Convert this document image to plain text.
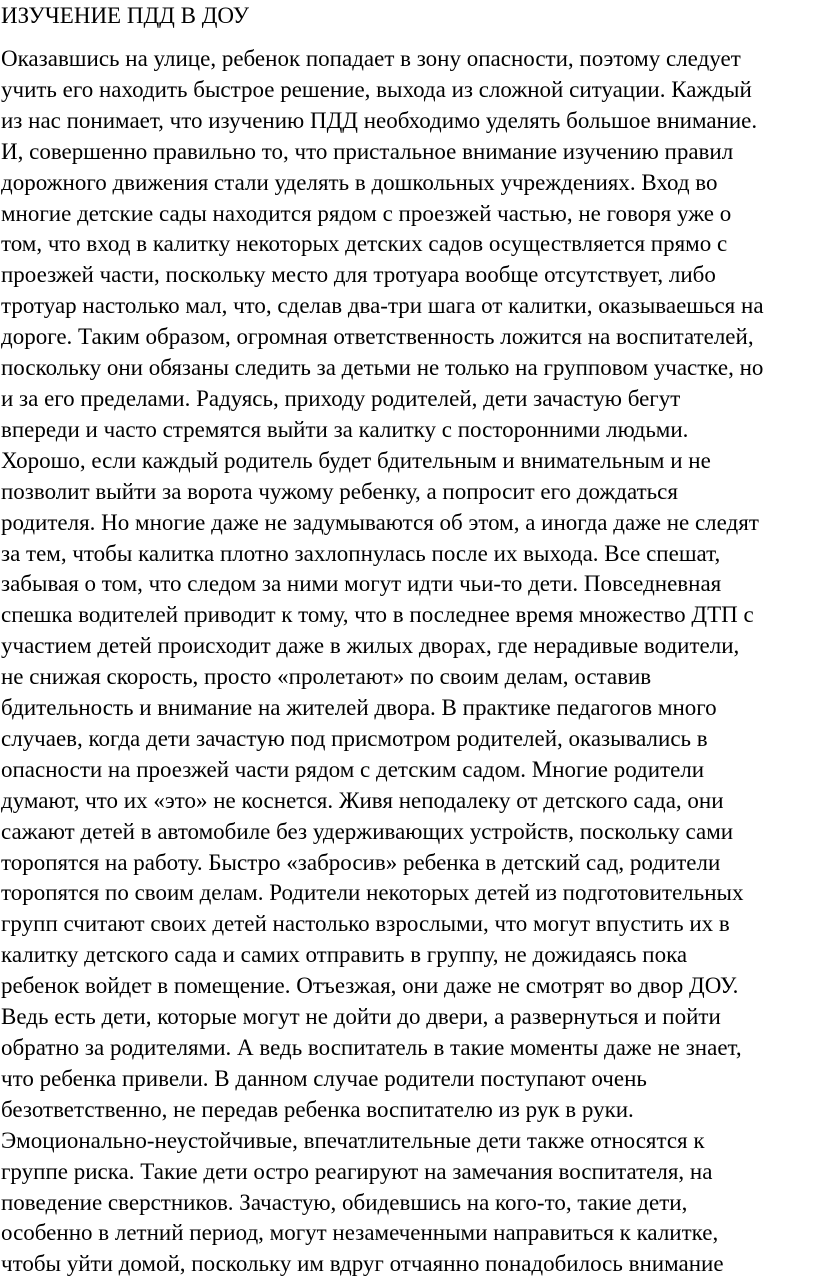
ИЗУЧЕНИЕ ПДД В ДОУ
Оказавшись на улице, ребенок попадает в зону опасности, поэтому следует
учить его находить быстрое решение, выхода из сложной ситуации. Каждый
из нас понимает, что изучению ПДД необходимо уделять большое внимание.
И, совершенно правильно то, что пристальное внимание изучению правил
дорожного движения стали уделять в дошкольных учреждениях. Вход во
многие детские сады находится рядом с проезжей частью, не говоря уже о
том, что вход в калитку некоторых детских садов осуществляется прямо с
проезжей части, поскольку место для тротуара вообще отсутствует, либо
тротуар настолько мал, что, сделав два-три шага от калитки, оказываешься на
дороге. Таким образом, огромная ответственность ложится на воспитателей,
поскольку они обязаны следить за детьми не только на групповом участке, но
и за его пределами. Радуясь, приходу родителей, дети зачастую бегут
впереди и часто стремятся выйти за калитку с посторонними людьми.
Хорошо, если каждый родитель будет бдительным и внимательным и не
позволит выйти за ворота чужому ребенку, а попросит его дождаться
родителя. Но многие даже не задумываются об этом, а иногда даже не следят
за тем, чтобы калитка плотно захлопнулась после их выхода. Все спешат,
забывая о том, что следом за ними могут идти чьи-то дети. Повседневная
спешка водителей приводит к тому, что в последнее время множество ДТП с
участием детей происходит даже в жилых дворах, где нерадивые водители,
не снижая скорость, просто «пролетают» по своим делам, оставив
бдительность и внимание на жителей двора. В практике педагогов много
случаев, когда дети зачастую под присмотром родителей, оказывались в
опасности на проезжей части рядом с детским садом. Многие родители
думают, что их «это» не коснется. Живя неподалеку от детского сада, они
сажают детей в автомобиле без удерживающих устройств, поскольку сами
торопятся на работу. Быстро «забросив» ребенка в детский сад, родители
торопятся по своим делам. Родители некоторых детей из подготовительных
групп считают своих детей настолько взрослыми, что могут впустить их в
калитку детского сада и самих отправить в группу, не дожидаясь пока
ребенок войдет в помещение. Отъезжая, они даже не смотрят во двор ДОУ.
Ведь есть дети, которые могут не дойти до двери, а развернуться и пойти
обратно за родителями. А ведь воспитатель в такие моменты даже не знает,
что ребенка привели. В данном случае родители поступают очень
безответственно, не передав ребенка воспитателю из рук в руки.
Эмоционально-неустойчивые, впечатлительные дети также относятся к
группе риска. Такие дети остро реагируют на замечания воспитателя, на
поведение сверстников. Зачастую, обидевшись на кого-то, такие дети,
особенно в летний период, могут незамеченными направиться к калитке,
чтобы уйти домой, поскольку им вдруг отчаянно понадобилось внимание
